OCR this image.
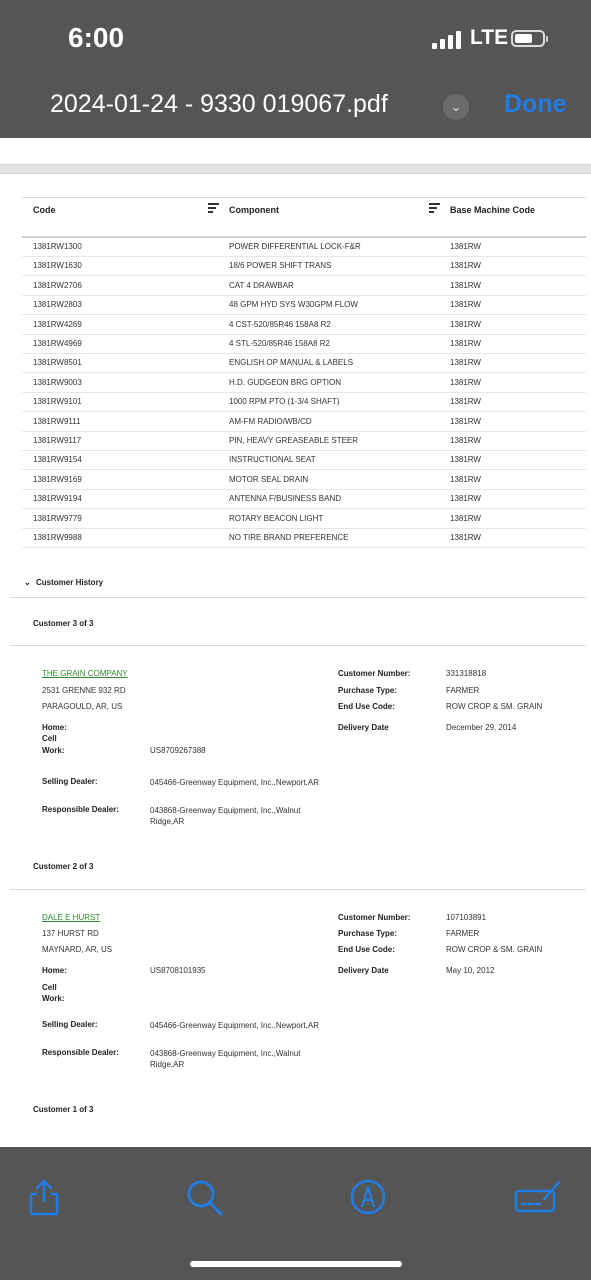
6:00	LTE
2024-01-24 - 9330 019067.pdf	⌄	Done
Code	Component	Base Machine Code
1381RW1300	POWER DIFFERENTIAL LOCK-F&R	1381RW
1381RW1630	18/6 POWER SHIFT TRANS	1381RW
1381RW2706	CAT 4 DRAWBAR	1381RW
1381RW2803	48 GPM HYD SYS W30GPM FLOW	1381RW
1381RW4269	4 CST-520/85R46 158A8 R2	1381RW
1381RW4969	4 STL-520/85R46 158A8 R2	1381RW
1381RW8501	ENGLISH OP MANUAL & LABELS	1381RW
1381RW9003	H.D. GUDGEON BRG OPTION	1381RW
1381RW9101	1000 RPM PTO (1-3/4 SHAFT)	1381RW
1381RW9111	AM-FM RADIO/WB/CD	1381RW
1381RW9117	PIN, HEAVY GREASEABLE STEER	1381RW
1381RW9154	INSTRUCTIONAL SEAT	1381RW
1381RW9169	MOTOR SEAL DRAIN	1381RW
1381RW9194	ANTENNA F/BUSINESS BAND	1381RW
1381RW9779	ROTARY BEACON LIGHT	1381RW
1381RW9988	NO TIRE BRAND PREFERENCE	1381RW
⌄ Customer History
Customer 3 of 3
THE GRAIN COMPANY
2531 GRENNE 932 RD
PARAGOULD, AR, US
Home:
Cell
Work:	US8709267388
Selling Dealer:	045466-Greenway Equipment, Inc.,Newport,AR
Responsible Dealer:	043868-Greenway Equipment, Inc.,Walnut Ridge,AR
Customer Number:	331318818
Purchase Type:	FARMER
End Use Code:	ROW CROP & SM. GRAIN
Delivery Date	December 29, 2014
Customer 2 of 3
DALE E HURST
137 HURST RD
MAYNARD, AR, US
Home:	US8708101935
Cell
Work:
Selling Dealer:	045466-Greenway Equipment, Inc.,Newport,AR
Responsible Dealer:	043868-Greenway Equipment, Inc.,Walnut Ridge,AR
Customer Number:	107103891
Purchase Type:	FARMER
End Use Code:	ROW CROP & SM. GRAIN
Delivery Date	May 10, 2012
Customer 1 of 3
